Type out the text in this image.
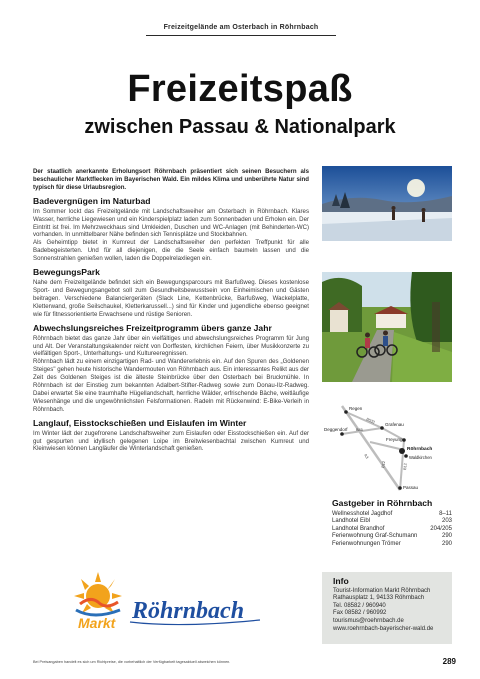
Freizeitgelände am Osterbach in Röhrnbach
Freizeitspaß
zwischen Passau & Nationalpark

Der staatlich anerkannte Erholungsort Röhrnbach präsentiert sich seinen Besuchern als beschaulicher Marktflecken im Bayerischen Wald. Ein mildes Klima und unberührte Natur sind typisch für diese Urlaubsregion.

Badevergnügen im Naturbad

Im Sommer lockt das Freizeitgelände mit Landschaftsweiher am Osterbach in Röhrnbach. Klares Wasser, herrliche Liegewiesen und ein Kinderspielplatz laden zum Sonnenbaden und Erholen ein. Der Eintritt ist frei. Im Mehrzweckhaus sind Umkleiden, Duschen und WC-Anlagen (mit Behinderten-WC) vorhanden. In unmittelbarer Nähe befinden sich Tennisplätze und Stockbahnen.

Als Geheimtipp bietet in Kumreut der Landschaftsweiher den perfekten Treffpunkt für alle Badebegeisterten. Und für all diejenigen, die die Seele einfach baumeln lassen und die Sonnenstrahlen genießen wollen, laden die Doppelrelaxliegen ein.

BewegungsPark

Nahe dem Freizeitgelände befindet sich ein Bewegungsparcours mit Barfußweg. Dieses kostenlose Sport- und Bewegungsangebot soll zum Gesundheitsbewusstsein von Einheimischen und Gästen beitragen. Verschiedene Balanciergeräten (Slack Line, Kettenbrücke, Barfußweg, Wackelplatte, Kletterwand, große Seilschaukel, Kletterkarussell...) sind für Kinder und jugendliche ebenso geeignet wie für fitnessorientierte Erwachsene und rüstige Senioren.

Abwechslungsreiches Freizeitprogramm übers ganze Jahr

Röhrnbach bietet das ganze Jahr über ein vielfältiges und abwechslungsreiches Programm für Jung und Alt. Der Veranstaltungskalender reicht von Dorffesten, kirchlichen Feiern, über Musikkonzerte zu vielfältigen Sport-, Unterhaltungs- und Kultureeregnissen.

Röhrnbach lädt zu einem einzigartigen Rad- und Wandererlebnis ein. Auf den Spuren des „Goldenen Steiges" gehen heute historische Wandermouten von Röhrnbach aus. Ein interessantes Relikt aus der Zeit des Goldenen Steiges ist die älteste Steinbrücke über den Osterbach bei Bruckmühle. In Röhrnbach ist der Einstieg zum bekannten Adalbert-Stifter-Radweg sowie zum Donau-Ilz-Radweg. Dabei erwartet Sie eine traumhafte Hügellandschaft, herrliche Wälder, erfrischende Bäche, weitläufige Wiesenhänge und die ungewöhnlichsten Felsformationen. Radeln mit Rückenwind: E-Bike-Verleih in Röhrnbach.

Langlauf, Eisstockschießen und Eislaufen im Winter

Im Winter lädt der zugefrorene Landschaftsweiher zum Eislaufen oder Eisstockschießen ein. Auf der gut gespurten und idyllisch gelegenen Loipe im Breitwiesenbachtal zwischen Kumreut und Kleinwiesen können Langläufer die Winterlandschaft genießen.

Regen
Deggendorf
Grafenau
Freyung
Röhrnbach
Waldkirchen
Passau
A3
B12
B533
B85
B12
Gastgeber in Röhrnbach
Wellnesshotel Jagdhof	8–11
Landhotel Eibl	203
Landhotel Brandhof	204/205
Ferienwohnung Graf-Schumann	290
Ferienwohnungen Trömer	290
Info
Tourist-Information Markt Röhrnbach
Rathausplatz 1, 94133 Röhrnbach
Tel. 08582 / 960940
Fax 08582 / 960992
tourismus@roehrnbach.de
www.roehrnbach-bayerischer-wald.de
Markt Röhrnbach
Bei Preisangaben handelt es sich um Richtpreise, die vorbehaltlich der Verfügbarkeit tagesaktuell abweichen können.	289
